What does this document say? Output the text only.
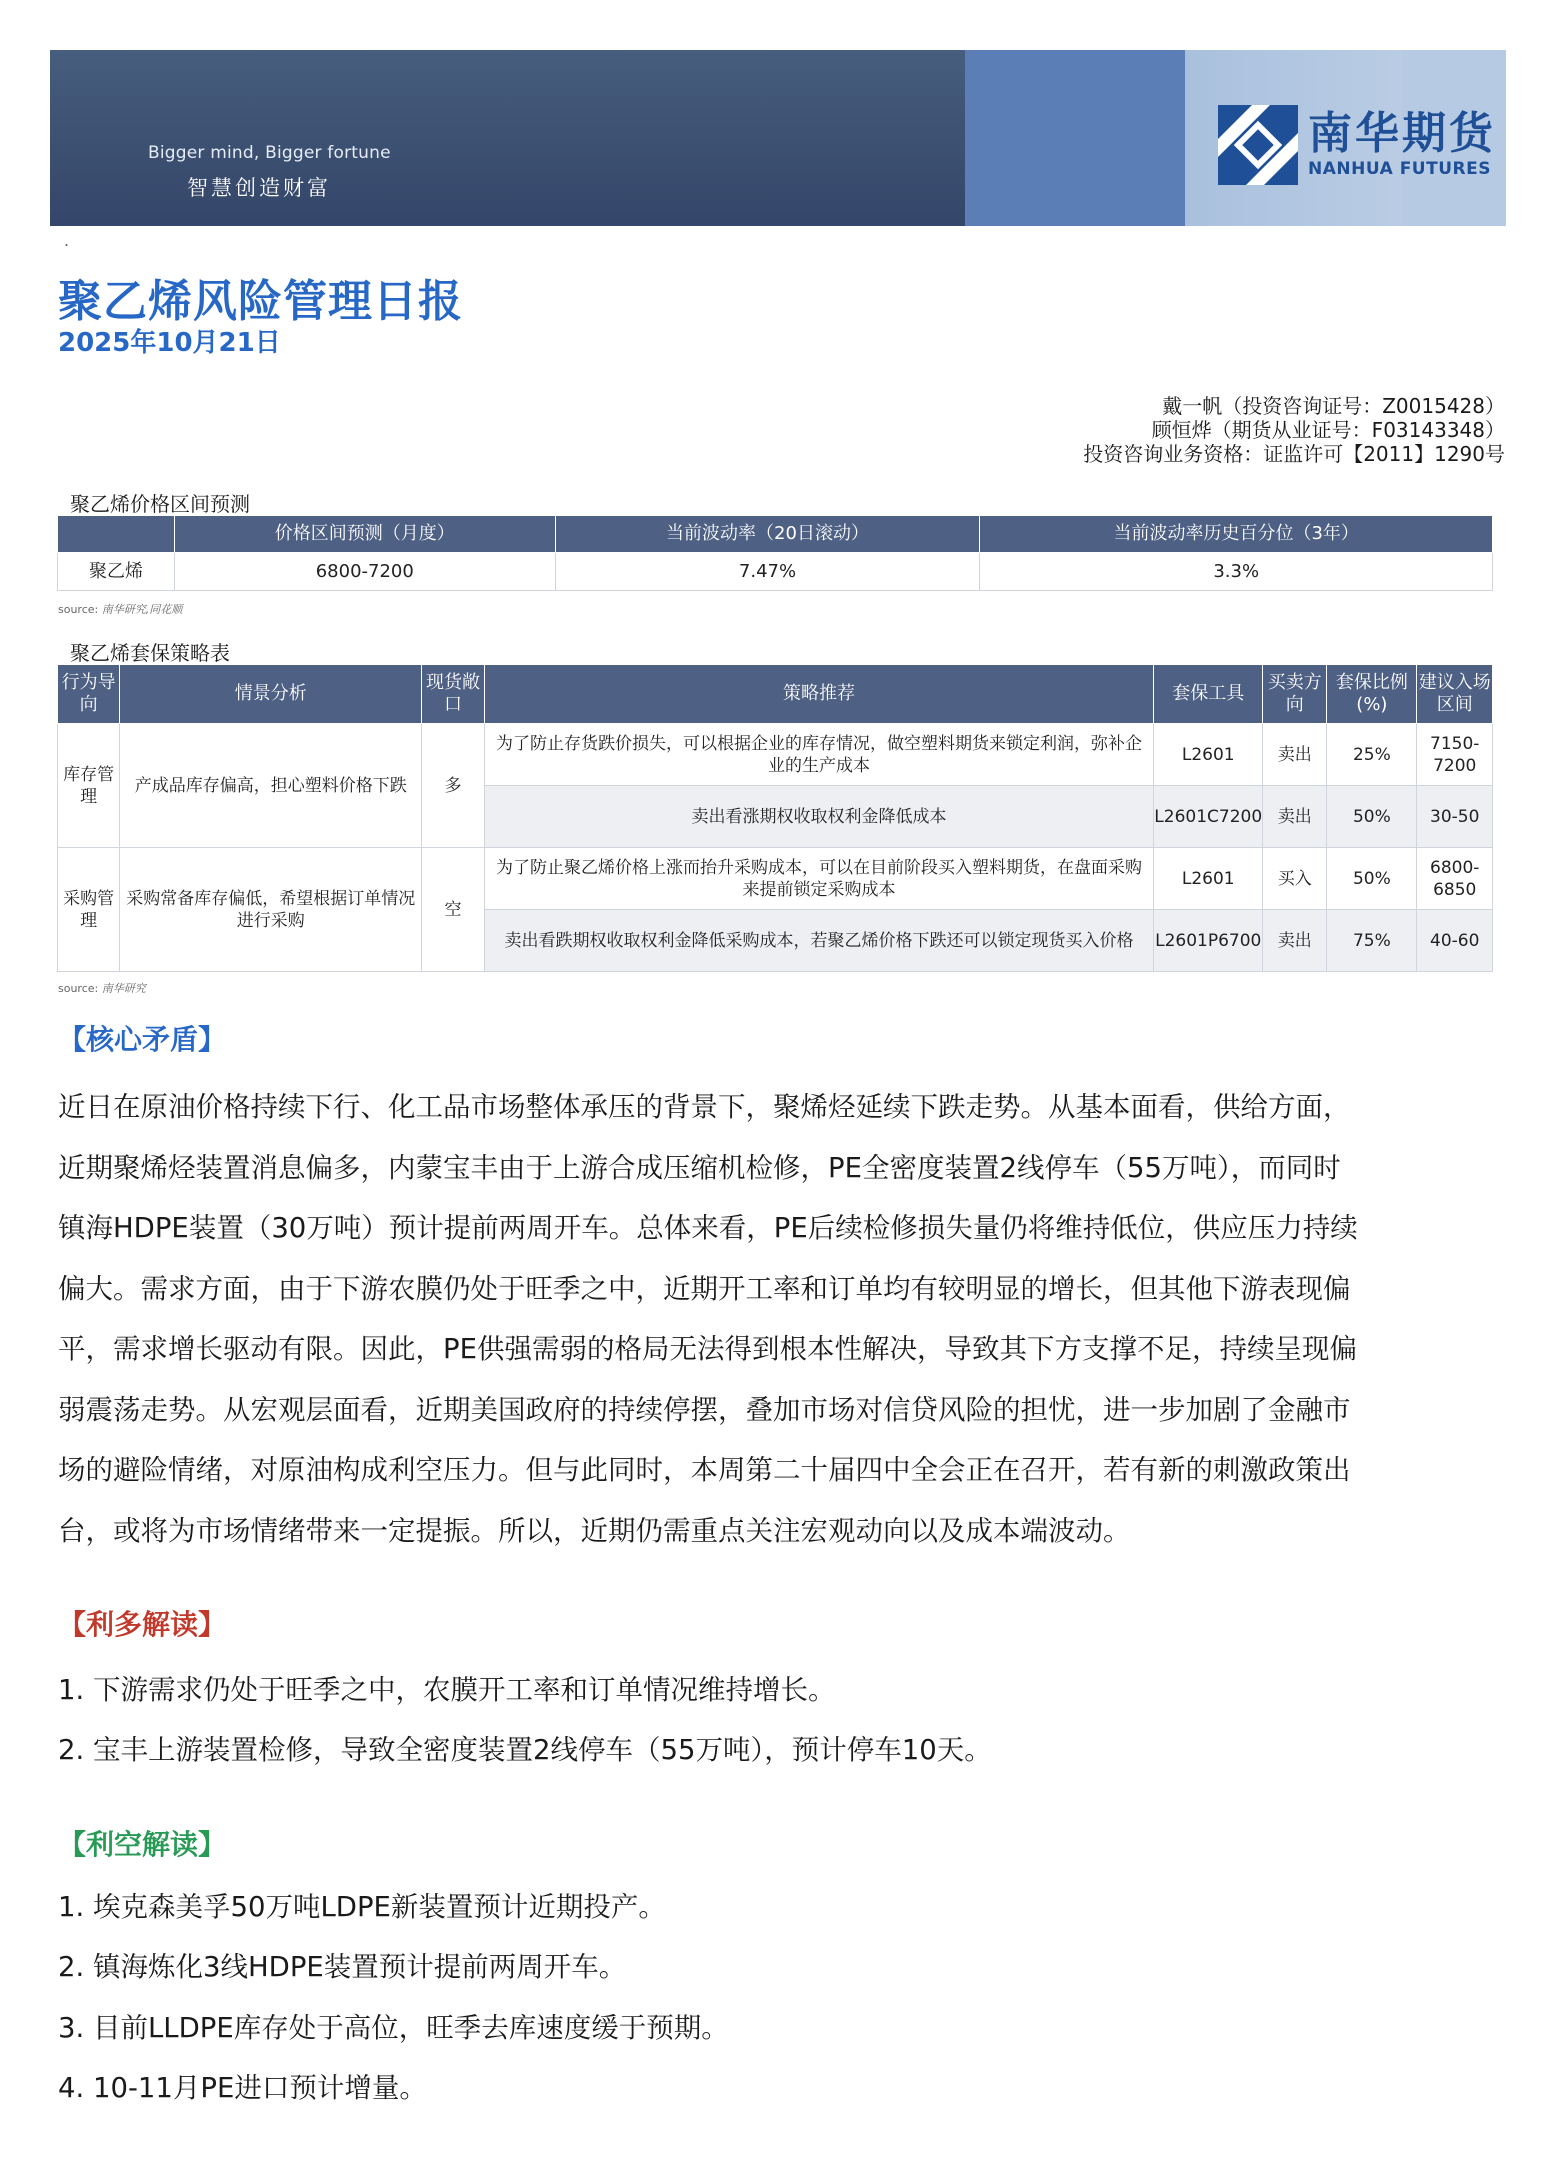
Bigger mind, Bigger fortune
智慧创造财富
南华期货
NANHUA FUTURES
.
聚乙烯风险管理日报
2025年10月21日
戴一帆（投资咨询证号：Z0015428）
顾恒烨（期货从业证号：F03143348）
投资咨询业务资格：证监许可【2011】1290号
聚乙烯价格区间预测
	价格区间预测（月度）	当前波动率（20日滚动）	当前波动率历史百分位（3年）
聚乙烯	6800-7200	7.47%	3.3%
source: 南华研究,同花顺
聚乙烯套保策略表
行为导向	情景分析	现货敞口	策略推荐	套保工具	买卖方向	套保比例(%)	建议入场区间
库存管理	产成品库存偏高，担心塑料价格下跌	多	为了防止存货跌价损失，可以根据企业的库存情况，做空塑料期货来锁定利润，弥补企业的生产成本	L2601	卖出	25%	7150-7200
			卖出看涨期权收取权利金降低成本	L2601C7200	卖出	50%	30-50
采购管理	采购常备库存偏低，希望根据订单情况进行采购	空	为了防止聚乙烯价格上涨而抬升采购成本，可以在目前阶段买入塑料期货，在盘面采购来提前锁定采购成本	L2601	买入	50%	6800-6850
			卖出看跌期权收取权利金降低采购成本，若聚乙烯价格下跌还可以锁定现货买入价格	L2601P6700	卖出	75%	40-60
source: 南华研究
【核心矛盾】
近日在原油价格持续下行、化工品市场整体承压的背景下，聚烯烃延续下跌走势。从基本面看，供给方面，
近期聚烯烃装置消息偏多，内蒙宝丰由于上游合成压缩机检修，PE全密度装置2线停车（55万吨），而同时
镇海HDPE装置（30万吨）预计提前两周开车。总体来看，PE后续检修损失量仍将维持低位，供应压力持续
偏大。需求方面，由于下游农膜仍处于旺季之中，近期开工率和订单均有较明显的增长，但其他下游表现偏
平，需求增长驱动有限。因此，PE供强需弱的格局无法得到根本性解决，导致其下方支撑不足，持续呈现偏
弱震荡走势。从宏观层面看，近期美国政府的持续停摆，叠加市场对信贷风险的担忧，进一步加剧了金融市
场的避险情绪，对原油构成利空压力。但与此同时，本周第二十届四中全会正在召开，若有新的刺激政策出
台，或将为市场情绪带来一定提振。所以，近期仍需重点关注宏观动向以及成本端波动。
【利多解读】
1. 下游需求仍处于旺季之中，农膜开工率和订单情况维持增长。
2. 宝丰上游装置检修，导致全密度装置2线停车（55万吨），预计停车10天。
【利空解读】
1. 埃克森美孚50万吨LDPE新装置预计近期投产。
2. 镇海炼化3线HDPE装置预计提前两周开车。
3. 目前LLDPE库存处于高位，旺季去库速度缓于预期。
4. 10-11月PE进口预计增量。
